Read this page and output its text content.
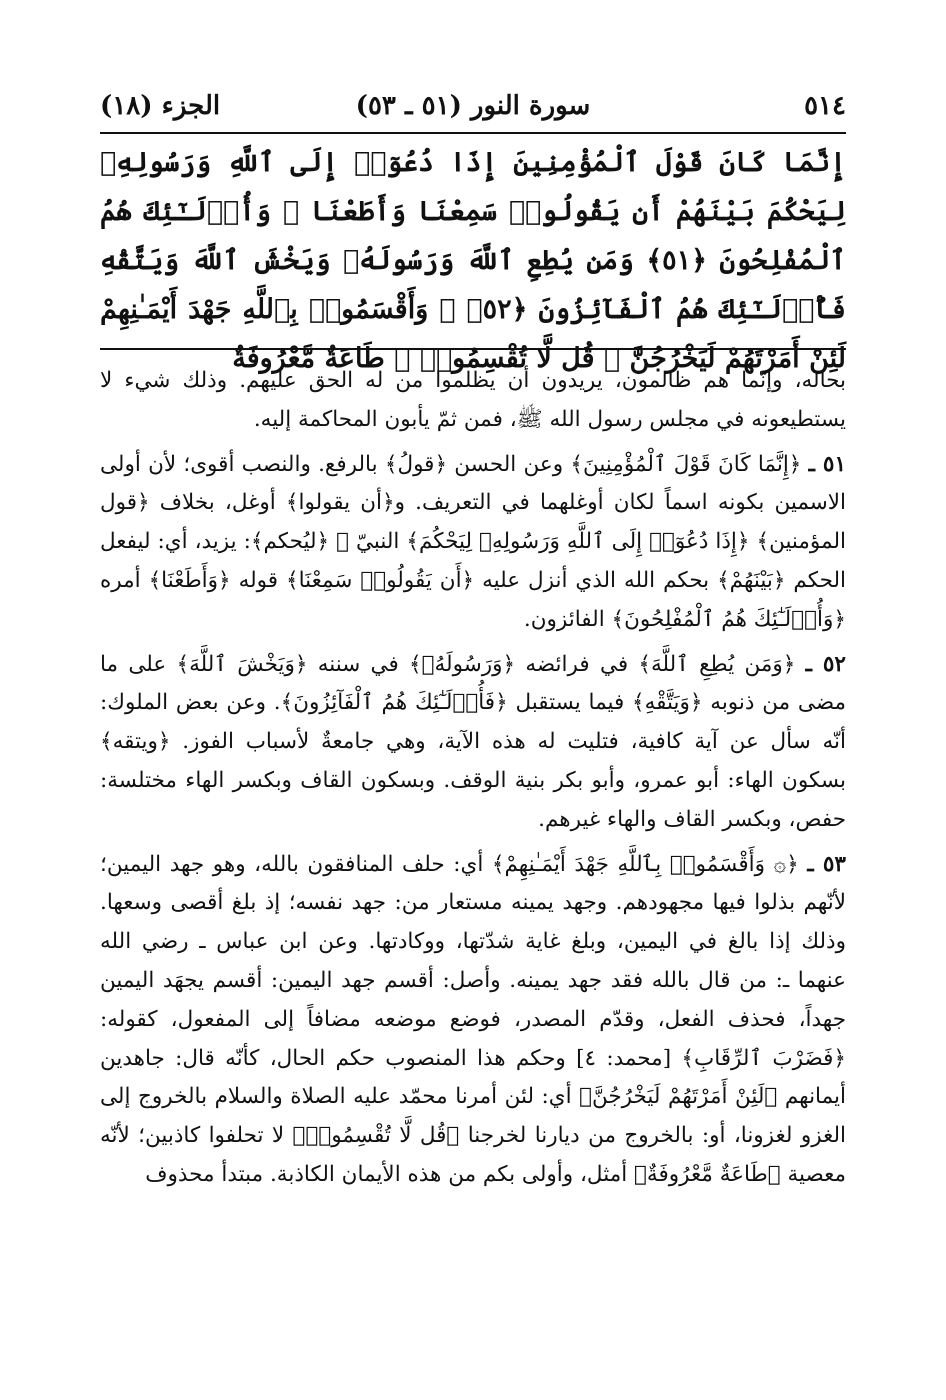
٥١٤
سورة النور (٥١ ـ ٥٣)
الجزء (١٨)
إِنَّمَا كَانَ قَوْلَ ٱلْمُؤْمِنِينَ إِذَا دُعُوٓا۟ إِلَى ٱللَّهِ وَرَسُولِهِۦ لِيَحْكُمَ بَيْنَهُمْ أَن يَقُولُوا۟ سَمِعْنَا وَأَطَعْنَا ۚ وَأُو۟لَـٰٓئِكَ هُمُ ٱلْمُفْلِحُونَ ﴿٥١﴾ وَمَن يُطِعِ ٱللَّهَ وَرَسُولَهُۥ وَيَخْشَ ٱللَّهَ وَيَتَّقْهِ فَأُو۟لَـٰٓئِكَ هُمُ ٱلْفَآئِزُونَ ﴿٥٢﴾ ۞ وَأَقْسَمُوا۟ بِٱللَّهِ جَهْدَ أَيْمَـٰنِهِمْ لَئِنْ أَمَرْتَهُمْ لَيَخْرُجُنَّ ۖ قُل لَّا تُقْسِمُوا۟ ۖ طَاعَةٌ مَّعْرُوفَةٌ

بحاله، وإنّما هم ظالمون، يريدون أن يظلموا من له الحق عليهم. وذلك شيء لا يستطيعونه في مجلس رسول الله ﷺ، فمن ثمّ يأبون المحاكمة إليه.

٥١ ـ ﴿إِنَّمَا كَانَ قَوْلَ ٱلْمُؤْمِنِينَ﴾ وعن الحسن ﴿قولُ﴾ بالرفع. والنصب أقوى؛ لأن أولى الاسمين بكونه اسماً لكان أوغلهما في التعريف. و﴿أن يقولوا﴾ أوغل، بخلاف ﴿قول المؤمنين﴾ ﴿إِذَا دُعُوٓا۟ إِلَى ٱللَّهِ وَرَسُولِهِۦ لِيَحْكُمَ﴾ النبيّ ﷺ ﴿ليُحكم﴾: يزيد، أي: ليفعل الحكم ﴿بَيْنَهُمْ﴾ بحكم الله الذي أنزل عليه ﴿أَن يَقُولُوا۟ سَمِعْنَا﴾ قوله ﴿وَأَطَعْنَا﴾ أمره ﴿وَأُو۟لَـٰٓئِكَ هُمُ ٱلْمُفْلِحُونَ﴾ الفائزون.

٥٢ ـ ﴿وَمَن يُطِعِ ٱللَّهَ﴾ في فرائضه ﴿وَرَسُولَهُۥ﴾ في سننه ﴿وَيَخْشَ ٱللَّهَ﴾ على ما مضى من ذنوبه ﴿وَيَتَّقْهِ﴾ فيما يستقبل ﴿فَأُو۟لَـٰٓئِكَ هُمُ ٱلْفَآئِزُونَ﴾. وعن بعض الملوك: أنّه سأل عن آية كافية، فتليت له هذه الآية، وهي جامعةٌ لأسباب الفوز. ﴿ويتقه﴾ بسكون الهاء: أبو عمرو، وأبو بكر بنية الوقف. وبسكون القاف وبكسر الهاء مختلسة: حفص، وبكسر القاف والهاء غيرهم.

٥٣ ـ ﴿۞ وَأَقْسَمُوا۟ بِٱللَّهِ جَهْدَ أَيْمَـٰنِهِمْ﴾ أي: حلف المنافقون بالله، وهو جهد اليمين؛ لأنّهم بذلوا فيها مجهودهم. وجهد يمينه مستعار من: جهد نفسه؛ إذ بلغ أقصى وسعها. وذلك إذا بالغ في اليمين، وبلغ غاية شدّتها، ووكادتها. وعن ابن عباس ـ رضي الله عنهما ـ: من قال بالله فقد جهد يمينه. وأصل: أقسم جهد اليمين: أقسم يجهَد اليمين جهداً، فحذف الفعل، وقدّم المصدر، فوضع موضعه مضافاً إلى المفعول، كقوله: ﴿فَضَرْبَ ٱلرِّقَابِ﴾ [محمد: ٤] وحكم هذا المنصوب حكم الحال، كأنّه قال: جاهدين أيمانهم ﴿لَئِنْ أَمَرْتَهُمْ لَيَخْرُجُنَّ﴾ أي: لئن أمرنا محمّد عليه الصلاة والسلام بالخروج إلى الغزو لغزونا، أو: بالخروج من ديارنا لخرجنا ﴿قُل لَّا تُقْسِمُوا۟﴾ لا تحلفوا كاذبين؛ لأنّه معصية ﴿طَاعَةٌ مَّعْرُوفَةٌ﴾ أمثل، وأولى بكم من هذه الأيمان الكاذبة. مبتدأ محذوف
